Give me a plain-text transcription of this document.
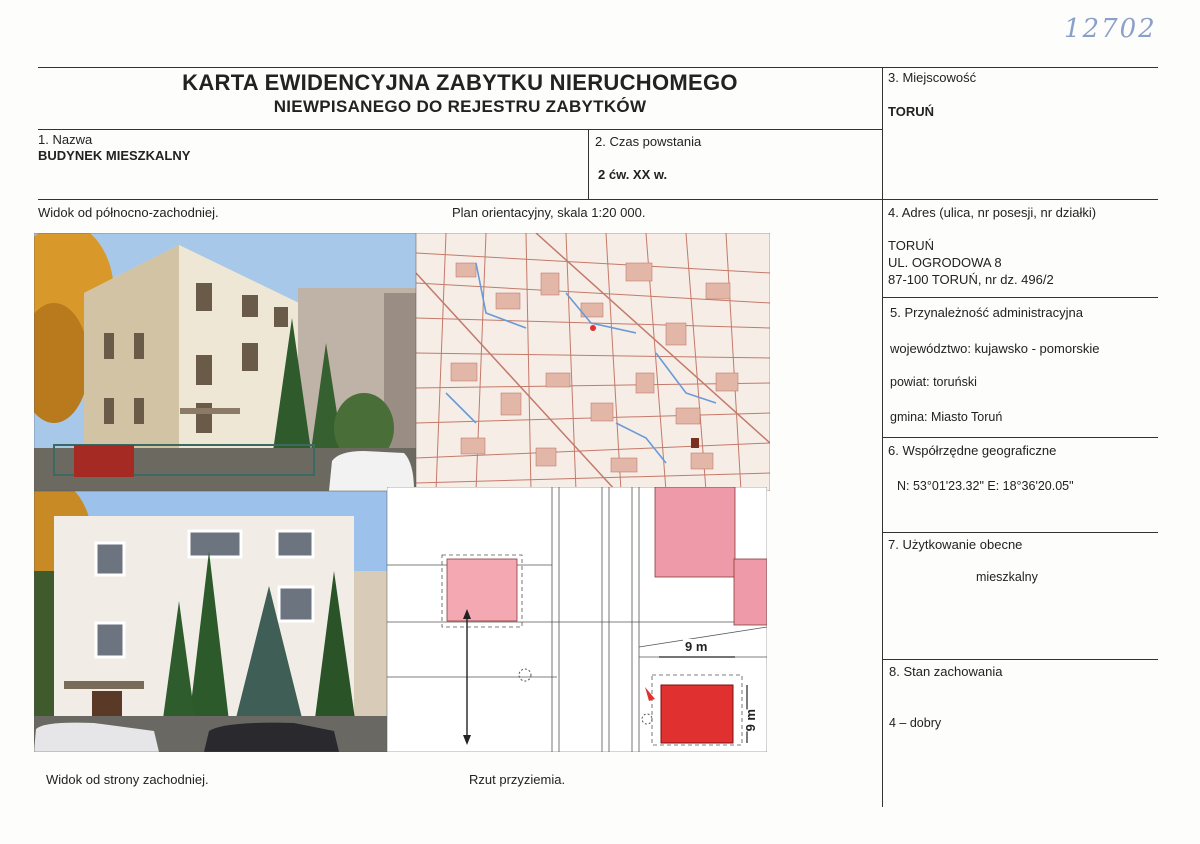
12702
KARTA EWIDENCYJNA ZABYTKU NIERUCHOMEGO
NIEWPISANEGO DO REJESTRU ZABYTKÓW
1. Nazwa
BUDYNEK MIESZKALNY
2. Czas powstania
2 ćw. XX w.
3. Miejscowość
TORUŃ
4. Adres (ulica, nr posesji, nr działki)
TORUŃ
UL. OGRODOWA 8
87-100 TORUŃ, nr dz. 496/2
5. Przynależność administracyjna
województwo: kujawsko - pomorskie
powiat: toruński
gmina: Miasto Toruń
6. Współrzędne geograficzne
N: 53°01'23.32" E: 18°36'20.05"
7. Użytkowanie obecne
mieszkalny
8. Stan zachowania
4 – dobry
Widok od północno-zachodniej.	Plan orientacyjny, skala 1:20 000.
Widok od strony zachodniej.	Rzut przyziemia.
9 m
9 m
